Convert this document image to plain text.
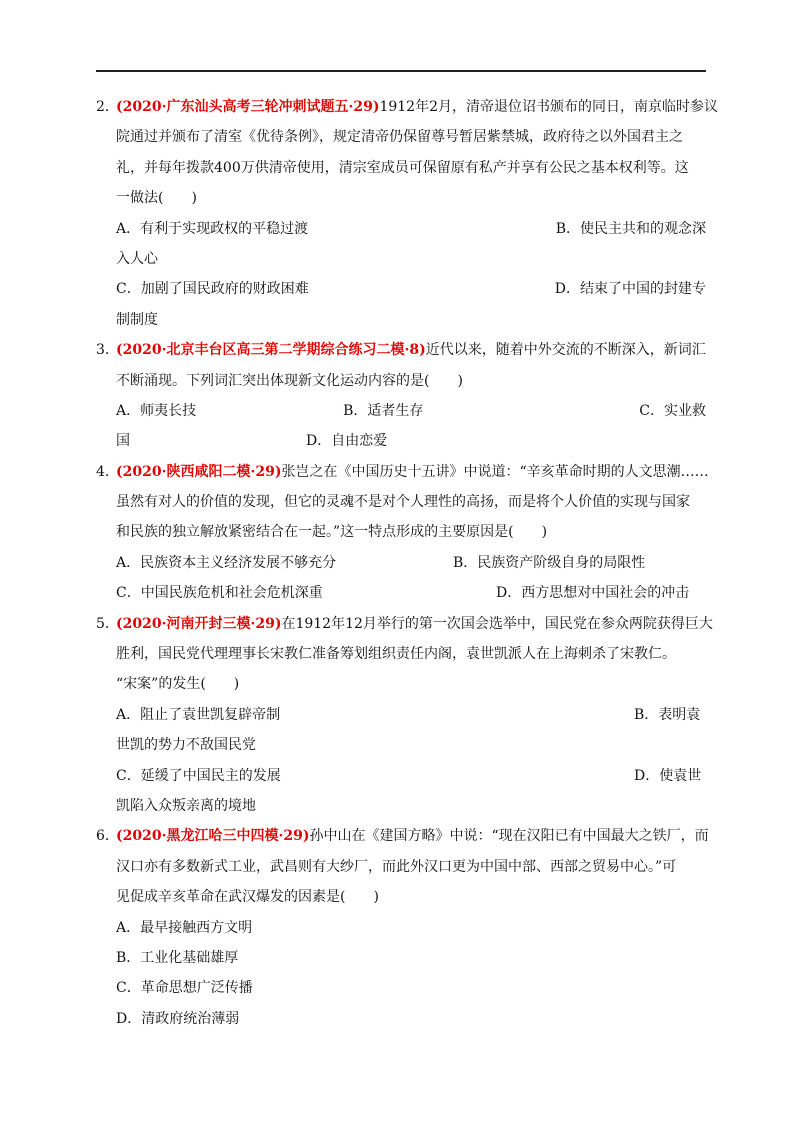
2．(2020·广东汕头高考三轮冲刺试题五·29)1912年2月，清帝退位诏书颁布的同日，南京临时参议
院通过并颁布了清室《优待条例》，规定清帝仍保留尊号暂居紫禁城，政府待之以外国君主之
礼，并每年拨款400万供清帝使用，清宗室成员可保留原有私产并享有公民之基本权利等。这
一做法(　　)
A．有利于实现政权的平稳过渡	B．使民主共和的观念深
入人心
C．加剧了国民政府的财政困难	D．结束了中国的封建专
制制度
3．(2020·北京丰台区高三第二学期综合练习二模·8)近代以来，随着中外交流的不断深入，新词汇
不断涌现。下列词汇突出体现新文化运动内容的是(　　)
A．师夷长技	B．适者生存	C．实业救
国	D．自由恋爱
4．(2020·陕西咸阳二模·29)张岂之在《中国历史十五讲》中说道：“辛亥革命时期的人文思潮……
虽然有对人的价值的发现，但它的灵魂不是对个人理性的高扬，而是将个人价值的实现与国家
和民族的独立解放紧密结合在一起。”这一特点形成的主要原因是(　　)
A．民族资本主义经济发展不够充分	B．民族资产阶级自身的局限性
C．中国民族危机和社会危机深重	D．西方思想对中国社会的冲击
5．(2020·河南开封三模·29)在1912年12月举行的第一次国会选举中，国民党在参众两院获得巨大
胜利，国民党代理理事长宋教仁准备筹划组织责任内阁，袁世凯派人在上海刺杀了宋教仁。
“宋案”的发生(　　)
A．阻止了袁世凯复辟帝制	B．表明袁
世凯的势力不敌国民党
C．延缓了中国民主的发展	D．使袁世
凯陷入众叛亲离的境地
6．(2020·黑龙江哈三中四模·29)孙中山在《建国方略》中说：“现在汉阳已有中国最大之铁厂，而
汉口亦有多数新式工业，武昌则有大纱厂，而此外汉口更为中国中部、西部之贸易中心。”可
见促成辛亥革命在武汉爆发的因素是(　　)
A．最早接触西方文明
B．工业化基础雄厚
C．革命思想广泛传播
D．清政府统治薄弱
